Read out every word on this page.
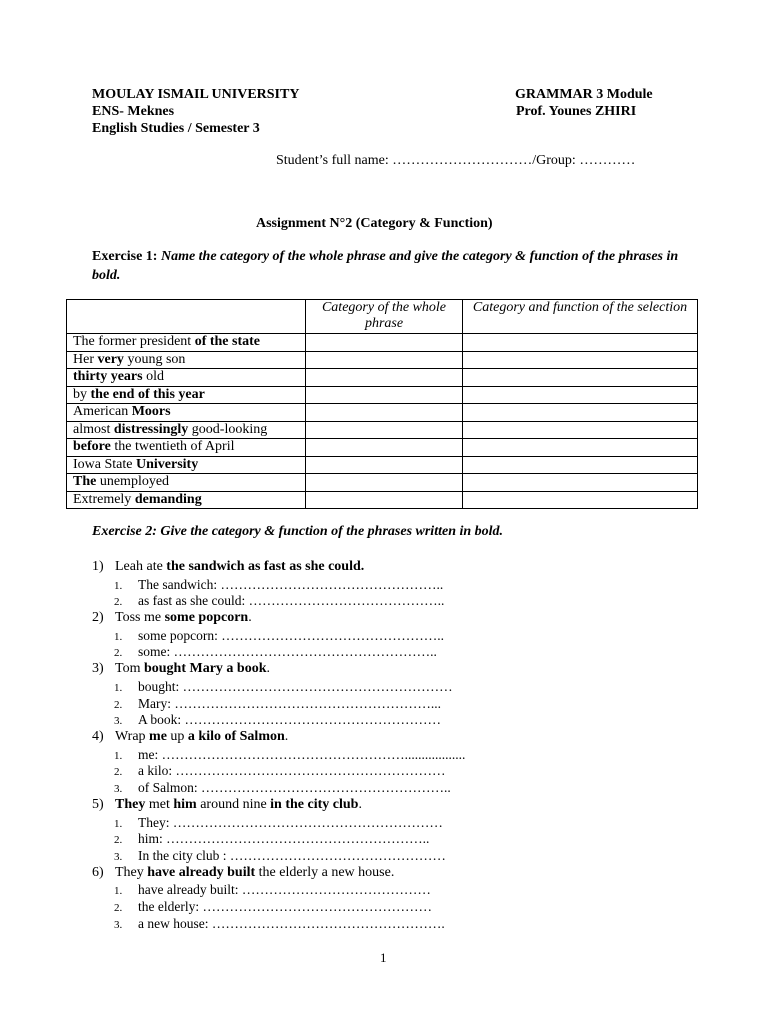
MOULAY ISMAIL UNIVERSITY
ENS- Meknes
English Studies / Semester 3
GRAMMAR 3 Module
Prof. Younes ZHIRI
Student’s full name: …………………………/Group: …………
Assignment N°2 (Category & Function)
Exercise 1: Name the category of the whole phrase and give the category & function of the phrases in bold.
	Category of the whole phrase	Category and function of the selection
The former president of the state		
Her very young son		
thirty years old		
by the end of this year		
American Moors		
almost distressingly good-looking		
before the twentieth of April		
Iowa State University		
The unemployed		
Extremely demanding		
Exercise 2: Give the category & function of the phrases written in bold.
1) Leah ate the sandwich as fast as she could.
1. The sandwich: …………………………………………..
2. as fast as she could: ……………………………………..
2) Toss me some popcorn.
1. some popcorn: …………………………………………..
2. some: …………………………………………………..
3) Tom bought Mary a book.
1. bought: ……………………………………………………
2. Mary: …………………………………………………...
3. A book: …………………………………………………
4) Wrap me up a kilo of Salmon.
1. me: ………………………………………………..................
2. a kilo: ……………………………………………………
3. of Salmon: ………………………………………………..
5) They met him around nine in the city club.
1. They: ……………………………………………………
2. him: …………………………………………………..
3. In the city club : …………………………………………
6) They have already built the elderly a new house.
1. have already built: ……………………………………
2. the elderly: ……………………………………………
3. a new house: …………………………………………….
1
